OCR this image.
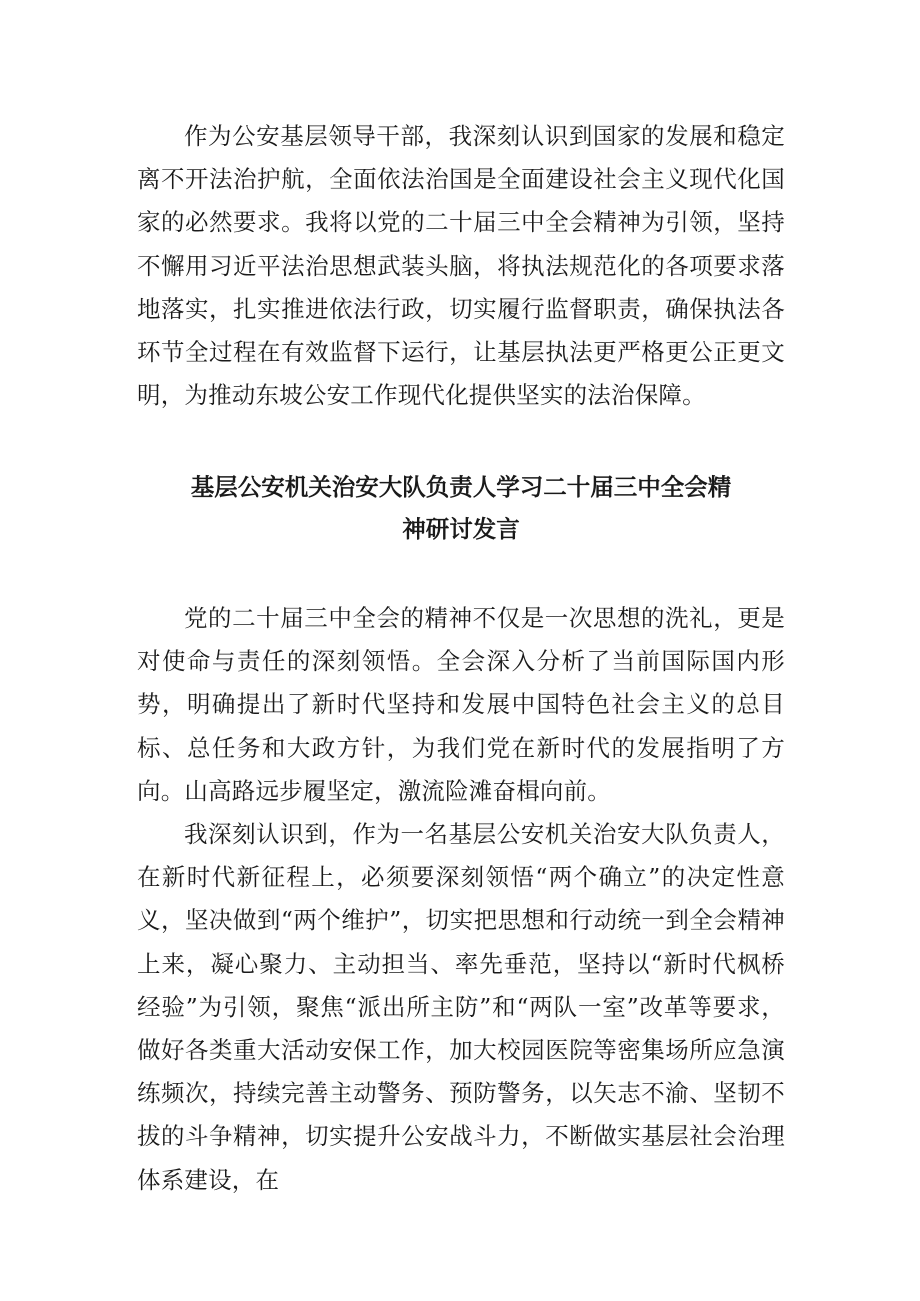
作为公安基层领导干部，我深刻认识到国家的发展和稳定离不开法治护航，全面依法治国是全面建设社会主义现代化国家的必然要求。我将以党的二十届三中全会精神为引领，坚持不懈用习近平法治思想武装头脑，将执法规范化的各项要求落地落实，扎实推进依法行政，切实履行监督职责，确保执法各环节全过程在有效监督下运行，让基层执法更严格更公正更文明，为推动东坡公安工作现代化提供坚实的法治保障。

基层公安机关治安大队负责人学习二十届三中全会精
神研讨发言

党的二十届三中全会的精神不仅是一次思想的洗礼，更是对使命与责任的深刻领悟。全会深入分析了当前国际国内形势，明确提出了新时代坚持和发展中国特色社会主义的总目标、总任务和大政方针，为我们党在新时代的发展指明了方向。山高路远步履坚定，激流险滩奋楫向前。

我深刻认识到，作为一名基层公安机关治安大队负责人，在新时代新征程上，必须要深刻领悟“两个确立”的决定性意义，坚决做到“两个维护”，切实把思想和行动统一到全会精神上来，凝心聚力、主动担当、率先垂范，坚持以“新时代枫桥经验”为引领，聚焦“派出所主防”和“两队一室”改革等要求，做好各类重大活动安保工作，加大校园医院等密集场所应急演练频次，持续完善主动警务、预防警务，以矢志不渝、坚韧不拔的斗争精神，切实提升公安战斗力，不断做实基层社会治理体系建设，在
